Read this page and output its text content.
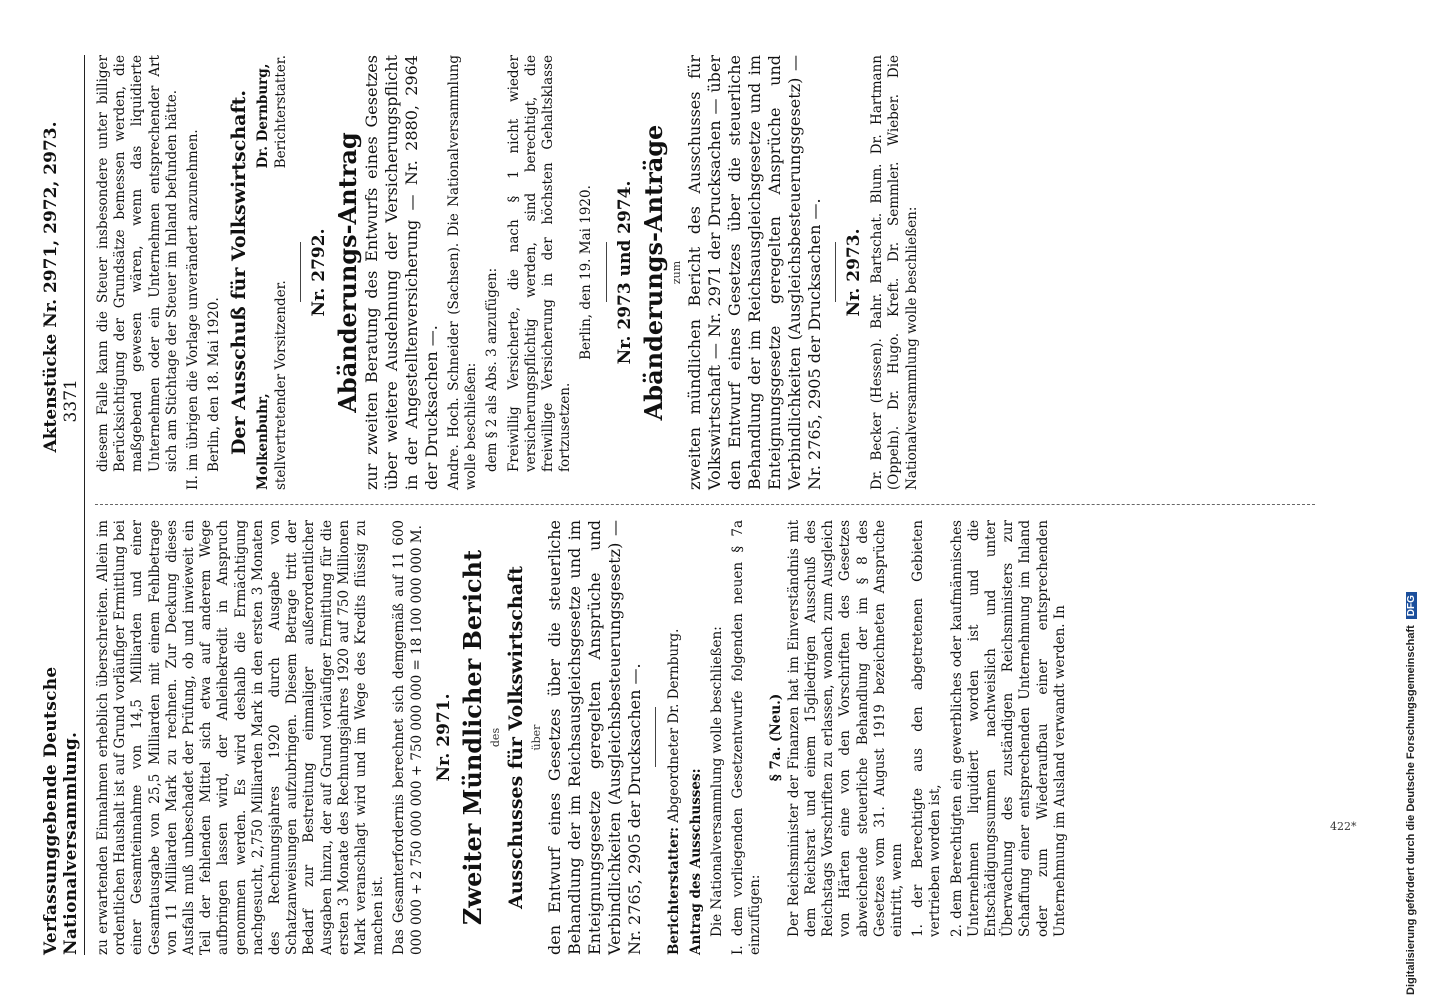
Verfassunggebende Deutsche Nationalversammlung.
Aktenstücke Nr. 2971, 2972, 2973. 3371

zu erwartenden Einnahmen erheblich überschreiten. Allein im ordentlichen Haushalt ist auf Grund vorläufiger Ermittlung bei einer Gesamteinnahme von 14,5 Milliarden und einer Gesamtausgabe von 25,5 Milliarden mit einem Fehlbetrage von 11 Milliarden Mark zu rechnen. Zur Deckung dieses Ausfalls muß unbeschadet der Prüfung, ob und inwieweit ein Teil der fehlenden Mittel sich etwa auf anderem Wege aufbringen lassen wird, der Anleihekredit in Anspruch genommen werden. Es wird deshalb die Ermächtigung nachgesucht, 2,750 Milliarden Mark in den ersten 3 Monaten des Rechnungsjahres 1920 durch Ausgabe von Schatzanweisungen aufzubringen. Diesem Betrage tritt der Bedarf zur Bestreitung einmaliger außerordentlicher Ausgaben hinzu, der auf Grund vorläufiger Ermittlung für die ersten 3 Monate des Rechnungsjahres 1920 auf 750 Millionen Mark veranschlagt wird und im Wege des Kredits flüssig zu machen ist. Das Gesamterfordernis berechnet sich demgemäß auf 11 600 000 000 + 2 750 000 000 + 750 000 000 = 18 100 000 000 M. Nr. 2971. Zweiter Mündlicher Bericht des Ausschusses für Volkswirtschaft über den Entwurf eines Gesetzes über die steuerliche Behandlung der im Reichsausgleichsgesetze und im Enteignungsgesetze geregelten Ansprüche und Verbindlichkeiten (Ausgleichsbesteuerungsgesetz) — Nr. 2765, 2905 der Drucksachen —. Berichterstatter: Abgeordneter Dr. Dernburg.

Antrag des Ausschusses: Die Nationalversammlung wolle beschließen: I. dem vorliegenden Gesetzentwurfe folgenden neuen § 7a einzufügen:

§ 7a. (Neu.) Der Reichsminister der Finanzen hat im Einverständnis mit dem Reichsrat und einem 15gliedrigen Ausschuß des Reichstags Vorschriften zu erlassen, wonach zum Ausgleich von Härten eine von den Vorschriften des Gesetzes abweichende steuerliche Behandlung der im § 8 des Gesetzes vom 31. August 1919 bezeichneten Ansprüche eintritt, wenn 1. der Berechtigte aus den abgetretenen Gebieten vertrieben worden ist, 2. dem Berechtigten ein gewerbliches oder kaufmännisches Unternehmen liquidiert worden ist und die Entschädigungssummen nachweislich und unter Überwachung des zuständigen Reichsministers zur Schaffung einer entsprechenden Unternehmung im Inland oder zum Wiederaufbau einer entsprechenden Unternehmung im Ausland verwandt werden. In

diesem Falle kann die Steuer insbesondere unter billiger Berücksichtigung der Grundsätze bemessen werden, die maßgebend gewesen wären, wenn das liquidierte Unternehmen oder ein Unternehmen entsprechender Art sich am Stichtage der Steuer im Inland befunden hätte. II. im übrigen die Vorlage unverändert anzunehmen. Berlin, den 18. Mai 1920. Der Ausschuß für Volkswirtschaft. Molkenbuhr, stellvertretender Vorsitzender.
Dr. Dernburg, Berichterstatter.
Nr. 2792. Abänderungs-Antrag zur zweiten Beratung des Entwurfs eines Gesetzes über weitere Ausdehnung der Versicherungspflicht in der Angestelltenversicherung — Nr. 2880, 2964 der Drucksachen —. Andre. Hoch. Schneider (Sachsen). Die Nationalversammlung wolle beschließen: dem § 2 als Abs. 3 anzufügen: Freiwillig Versicherte, die nach § 1 nicht wieder versicherungspflichtig werden, sind berechtigt, die freiwillige Versicherung in der höchsten Gehaltsklasse fortzusetzen.

Berlin, den 19. Mai 1920. Nr. 2973 und 2974. Abänderungs-Anträge zum zweiten mündlichen Bericht des Ausschusses für Volkswirtschaft — Nr. 2971 der Drucksachen — über den Entwurf eines Gesetzes über die steuerliche Behandlung der im Reichsausgleichsgesetze und im Enteignungsgesetze geregelten Ansprüche und Verbindlichkeiten (Ausgleichsbesteuerungsgesetz) — Nr. 2765, 2905 der Drucksachen —. Nr. 2973. Dr. Becker (Hessen). Bahr. Bartschat. Blum. Dr. Hartmann (Oppeln). Dr. Hugo. Kreft. Dr. Semmler. Wieber. Die Nationalversammlung wolle beschließen:

422*	Digitalisierung gefördert durch die Deutsche Forschungsgemeinschaft
DFG
